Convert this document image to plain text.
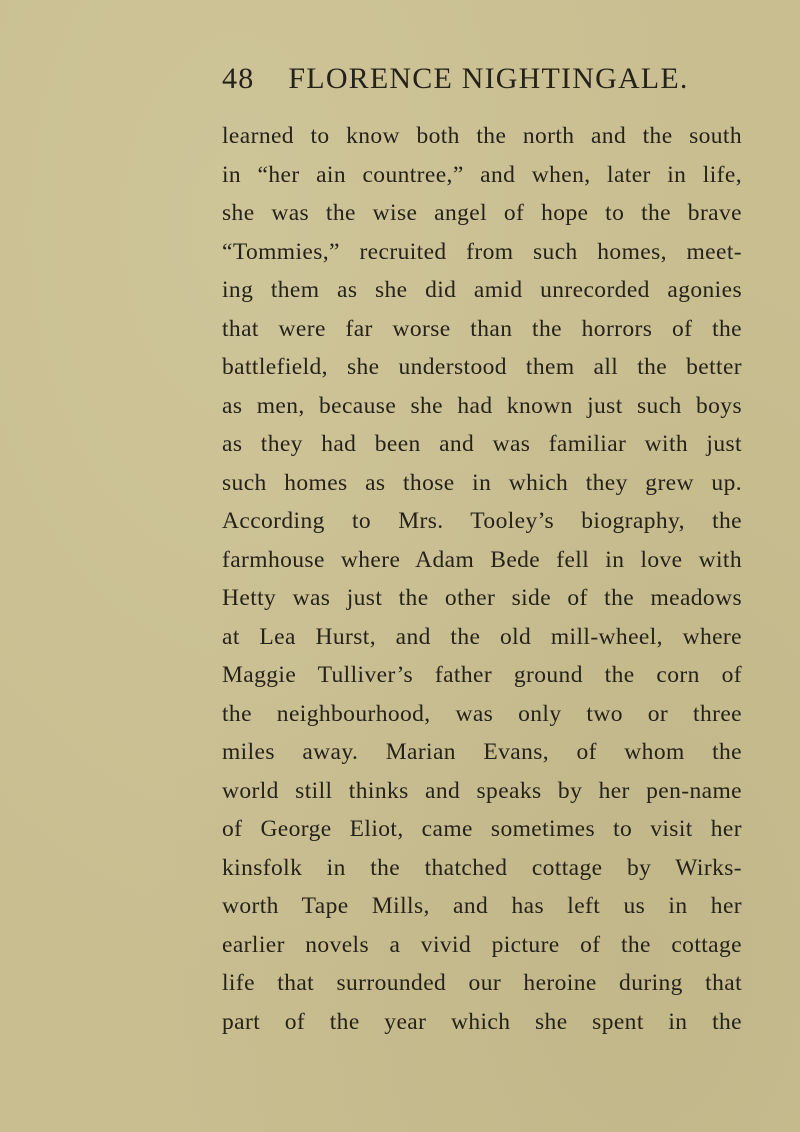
48 FLORENCE NIGHTINGALE.
learned to know both the north and the south
in “her ain countree,” and when, later in life,
she was the wise angel of hope to the brave
“Tommies,” recruited from such homes, meet-
ing them as she did amid unrecorded agonies
that were far worse than the horrors of the
battlefield, she understood them all the better
as men, because she had known just such boys
as they had been and was familiar with just
such homes as those in which they grew up.
According to Mrs. Tooley’s biography, the
farmhouse where Adam Bede fell in love with
Hetty was just the other side of the meadows
at Lea Hurst, and the old mill-wheel, where
Maggie Tulliver’s father ground the corn of
the neighbourhood, was only two or three
miles away. Marian Evans, of whom the
world still thinks and speaks by her pen-name
of George Eliot, came sometimes to visit her
kinsfolk in the thatched cottage by Wirks-
worth Tape Mills, and has left us in her
earlier novels a vivid picture of the cottage
life that surrounded our heroine during that
part of the year which she spent in the
